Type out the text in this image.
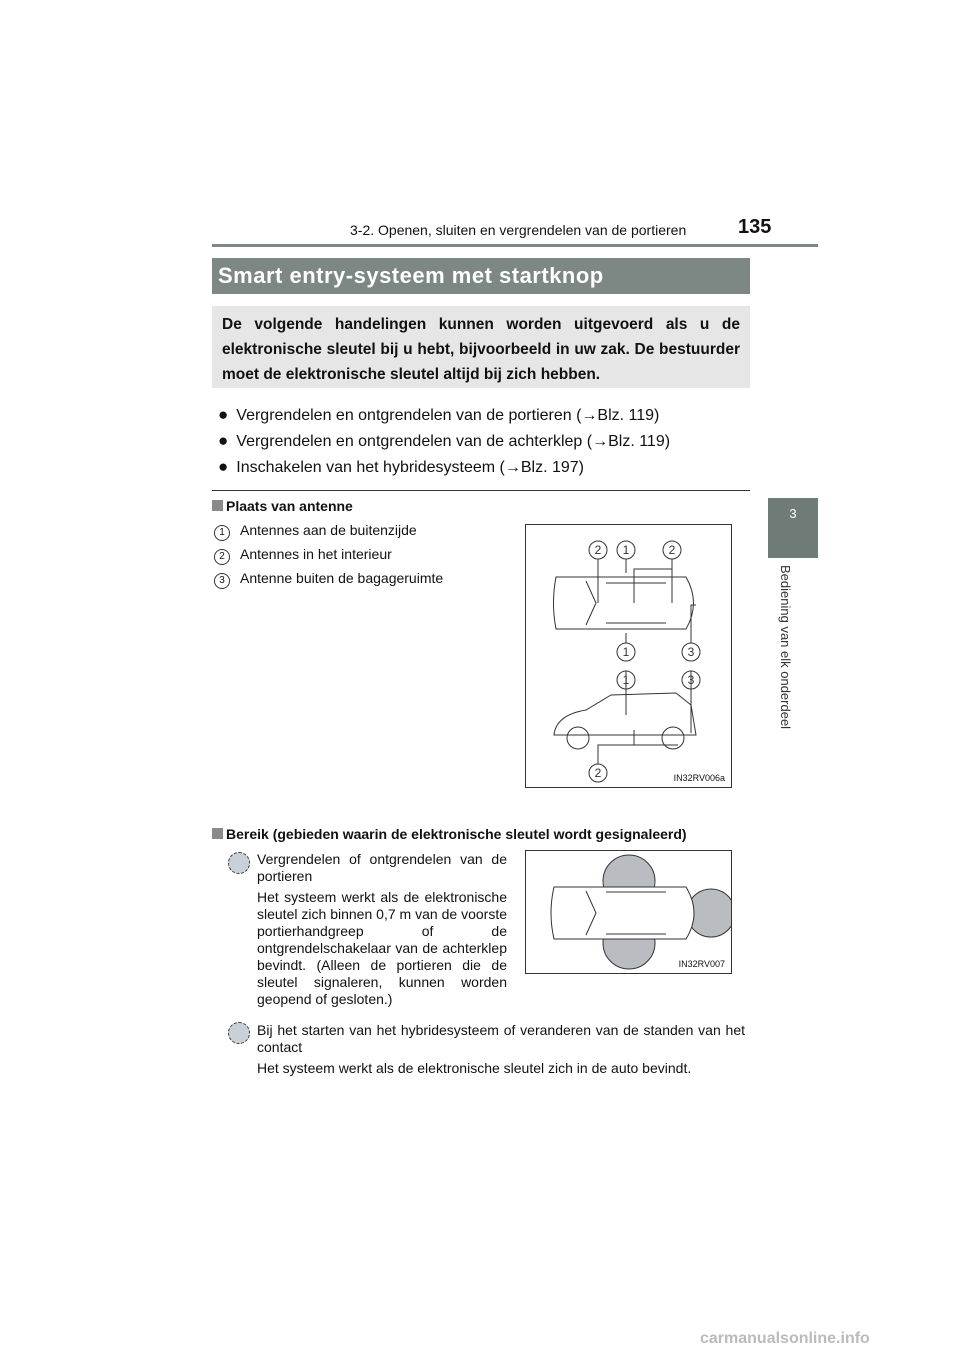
3-2. Openen, sluiten en vergrendelen van de portieren	135
3
Bediening van elk onderdeel
Smart entry-systeem met startknop
De volgende handelingen kunnen worden uitgevoerd als u de elektronische sleutel bij u hebt, bijvoorbeeld in uw zak. De bestuurder moet de elektronische sleutel altijd bij zich hebben.
● Vergrendelen en ontgrendelen van de portieren (→Blz. 119)
● Vergrendelen en ontgrendelen van de achterklep (→Blz. 119)
● Inschakelen van het hybridesysteem (→Blz. 197)
Plaats van antenne
1 Antennes aan de buitenzijde
2 Antennes in het interieur
3 Antenne buiten de bagageruimte
2 1	2
1	3
1	3
2	IN32RV006a
Bereik (gebieden waarin de elektronische sleutel wordt gesignaleerd)
Vergrendelen of ontgrendelen van de portieren
Het systeem werkt als de elektronische sleutel zich binnen 0,7 m van de voorste portierhandgreep of de ontgrendelschakelaar van de achterklep bevindt. (Alleen de portieren die de sleutel signaleren, kunnen worden geopend of gesloten.)
IN32RV007
Bij het starten van het hybridesysteem of veranderen van de standen van het contact
Het systeem werkt als de elektronische sleutel zich in de auto bevindt.
carmanualsonline.info
